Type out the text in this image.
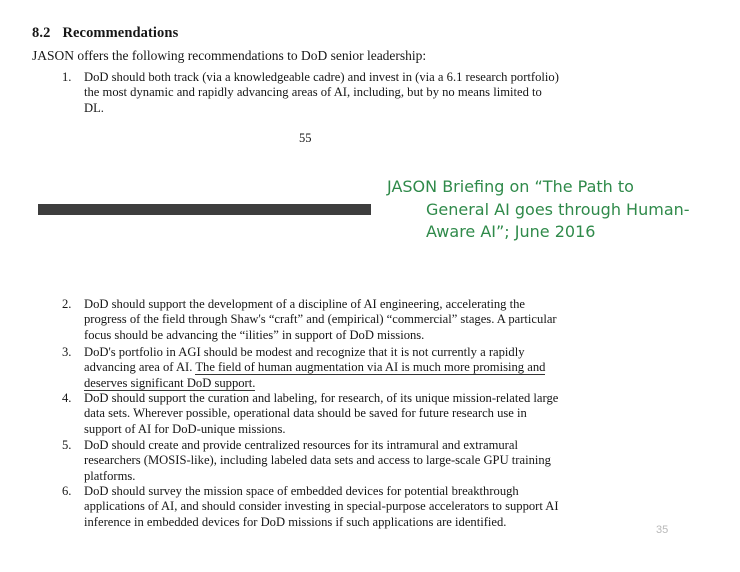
8.2 Recommendations
JASON offers the following recommendations to DoD senior leadership:
1. DoD should both track (via a knowledgeable cadre) and invest in (via a 6.1 research portfolio) the most dynamic and rapidly advancing areas of AI, including, but by no means limited to DL.
55
JASON Briefing on “The Path to
General AI goes through Human-
Aware AI”; June 2016
2. DoD should support the development of a discipline of AI engineering, accelerating the progress of the field through Shaw's “craft” and (empirical) “commercial” stages. A particular focus should be advancing the “ilities” in support of DoD missions.
3. DoD's portfolio in AGI should be modest and recognize that it is not currently a rapidly advancing area of AI. The field of human augmentation via AI is much more promising and deserves significant DoD support.
4. DoD should support the curation and labeling, for research, of its unique mission-related large data sets. Wherever possible, operational data should be saved for future research use in support of AI for DoD-unique missions.
5. DoD should create and provide centralized resources for its intramural and extramural researchers (MOSIS-like), including labeled data sets and access to large-scale GPU training platforms.
6. DoD should survey the mission space of embedded devices for potential breakthrough applications of AI, and should consider investing in special-purpose accelerators to support AI inference in embedded devices for DoD missions if such applications are identified.
35
